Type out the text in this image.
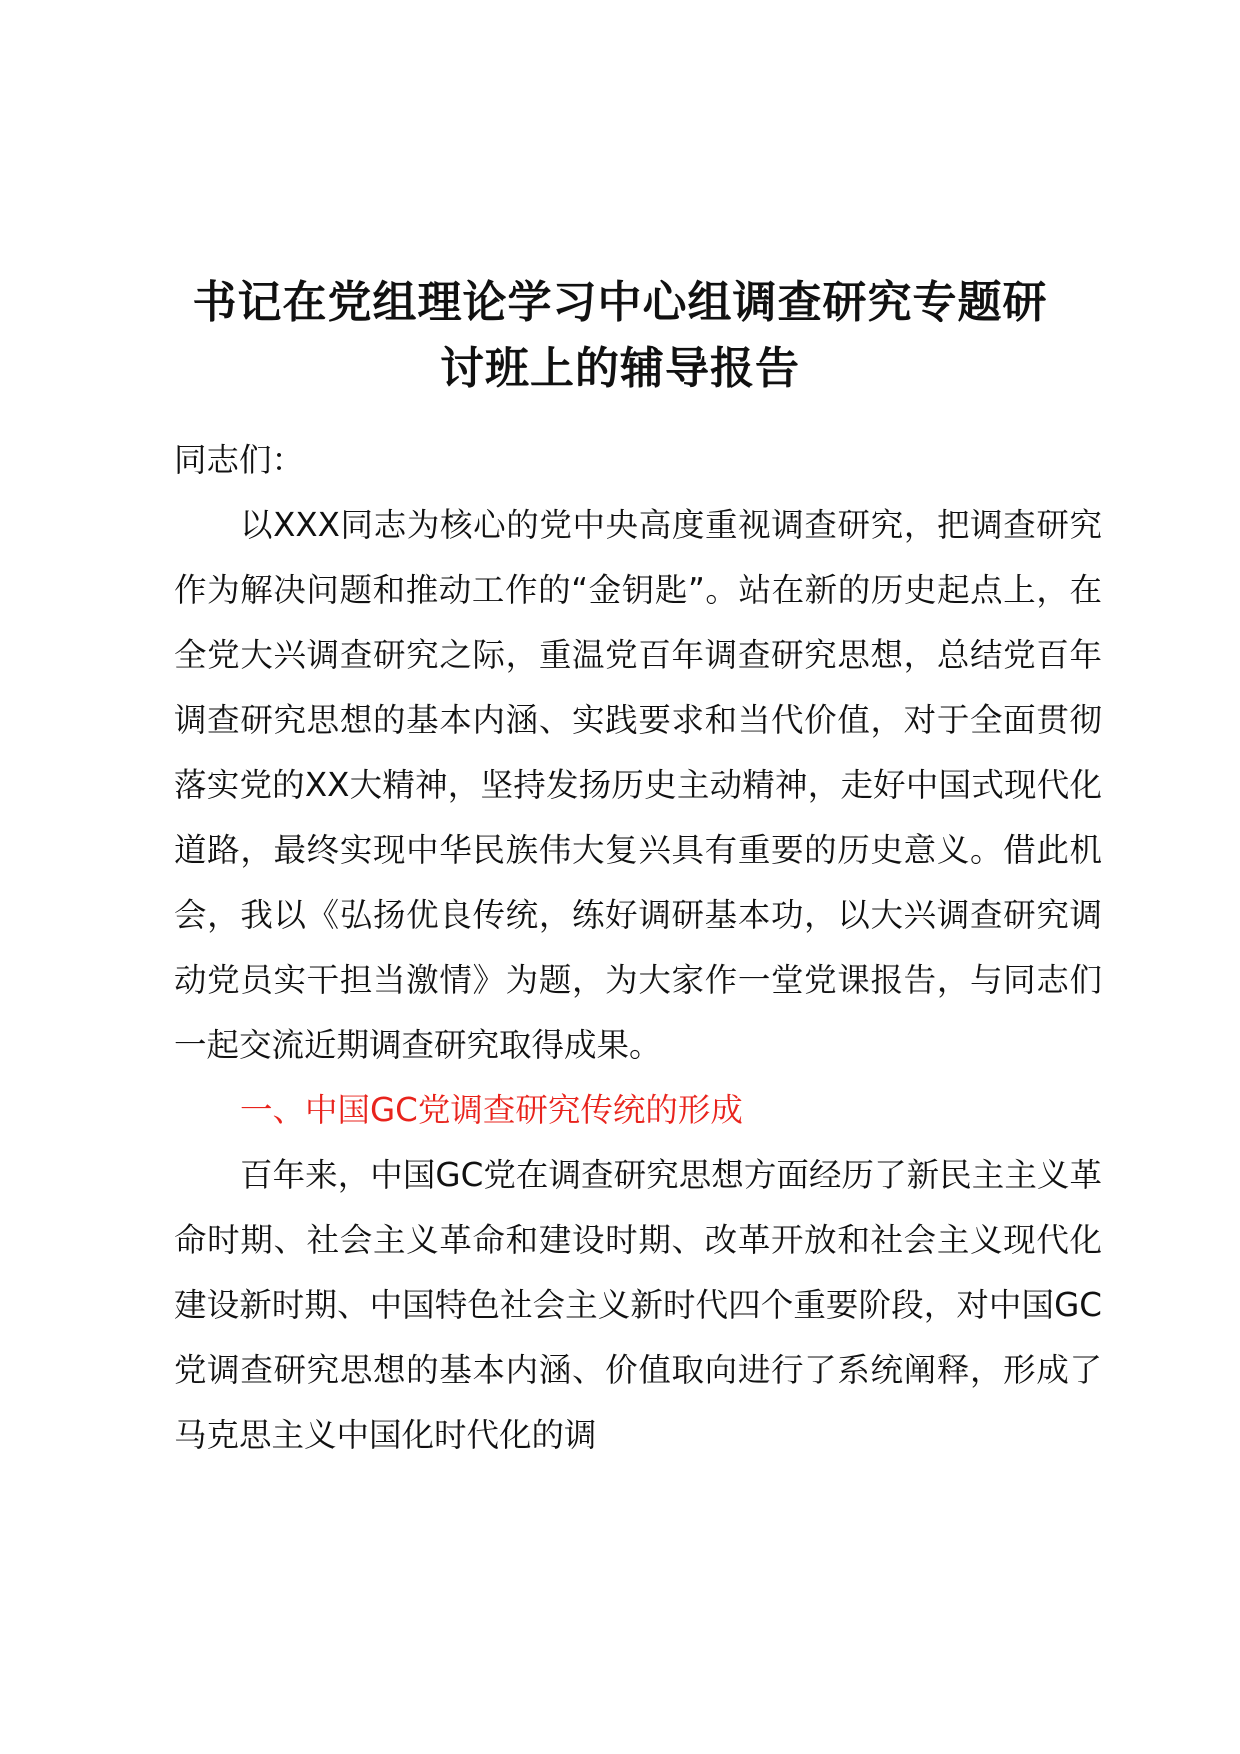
书记在党组理论学习中心组调查研究专题研
讨班上的辅导报告

同志们：

以XXX同志为核心的党中央高度重视调查研究，把调查研究作为解决问题和推动工作的“金钥匙”。站在新的历史起点上，在全党大兴调查研究之际，重温党百年调查研究思想，总结党百年调查研究思想的基本内涵、实践要求和当代价值，对于全面贯彻落实党的XX大精神，坚持发扬历史主动精神，走好中国式现代化道路，最终实现中华民族伟大复兴具有重要的历史意义。借此机会，我以《弘扬优良传统，练好调研基本功，以大兴调查研究调动党员实干担当激情》为题，为大家作一堂党课报告，与同志们一起交流近期调查研究取得成果。

一、中国GC党调查研究传统的形成

百年来，中国GC党在调查研究思想方面经历了新民主主义革命时期、社会主义革命和建设时期、改革开放和社会主义现代化建设新时期、中国特色社会主义新时代四个重要阶段，对中国GC党调查研究思想的基本内涵、价值取向进行了系统阐释，形成了马克思主义中国化时代化的调
